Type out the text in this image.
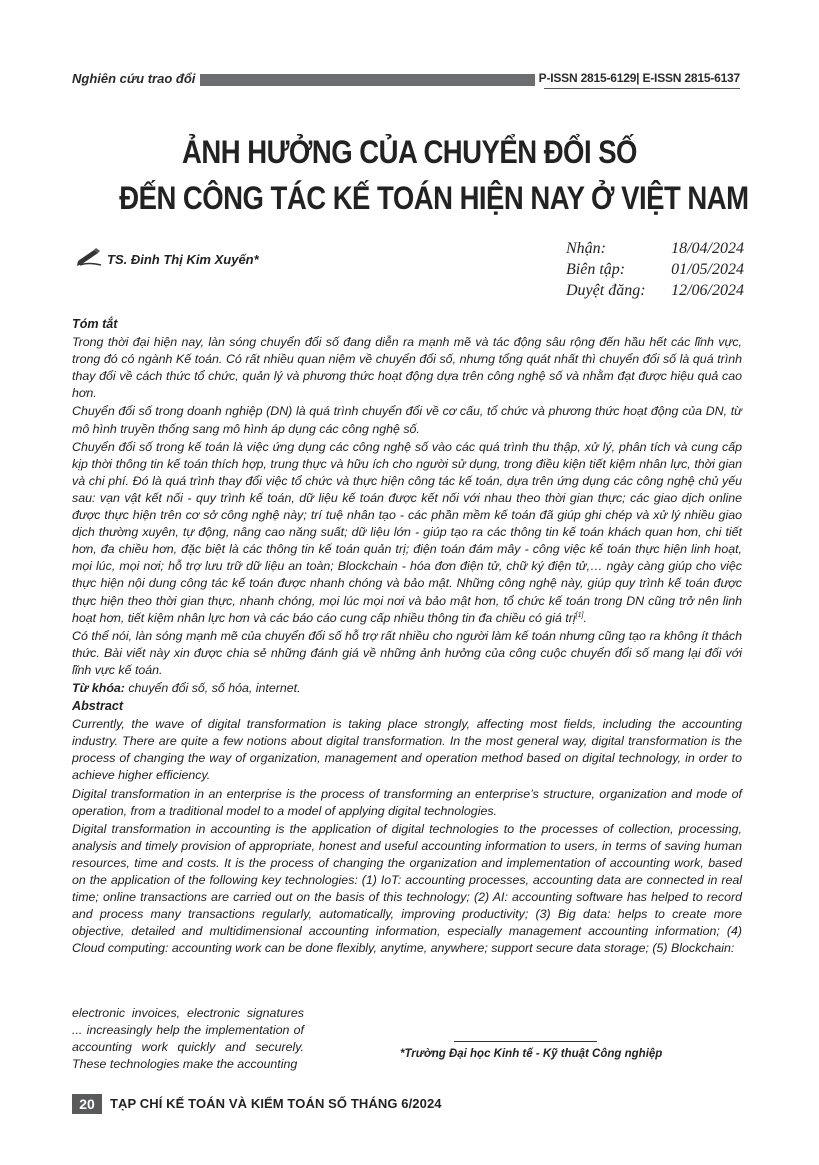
Nghiên cứu trao đổi	P-ISSN 2815-6129| E-ISSN 2815-6137
ẢNH HƯỞNG CỦA CHUYỂN ĐỔI SỐ
ĐẾN CÔNG TÁC KẾ TOÁN HIỆN NAY Ở VIỆT NAM
TS. Đinh Thị Kim Xuyến*
Nhận:	18/04/2024
Biên tập:	01/05/2024
Duyệt đăng: 12/06/2024
Tóm tắt

Trong thời đại hiện nay, làn sóng chuyển đổi số đang diễn ra mạnh mẽ và tác động sâu rộng đến hầu hết các lĩnh vực, trong đó có ngành Kế toán. Có rất nhiều quan niệm về chuyển đổi số, nhưng tổng quát nhất thì chuyển đổi số là quá trình thay đổi về cách thức tổ chức, quản lý và phương thức hoạt động dựa trên công nghệ số và nhằm đạt được hiệu quả cao hơn.

Chuyển đổi số trong doanh nghiệp (DN) là quá trình chuyển đổi về cơ cấu, tổ chức và phương thức hoạt động của DN, từ mô hình truyền thống sang mô hình áp dụng các công nghệ số.

Chuyển đổi số trong kế toán là việc ứng dụng các công nghệ số vào các quá trình thu thập, xử lý, phân tích và cung cấp kịp thời thông tin kế toán thích hợp, trung thực và hữu ích cho người sử dụng, trong điều kiện tiết kiệm nhân lực, thời gian và chi phí. Đó là quá trình thay đổi việc tổ chức và thực hiện công tác kế toán, dựa trên ứng dụng các công nghệ chủ yếu sau: vạn vật kết nối - quy trình kế toán, dữ liệu kế toán được kết nối với nhau theo thời gian thực; các giao dịch online được thực hiện trên cơ sở công nghệ này; trí tuệ nhân tạo - các phần mềm kế toán đã giúp ghi chép và xử lý nhiều giao dịch thường xuyên, tự động, nâng cao năng suất; dữ liệu lớn - giúp tạo ra các thông tin kế toán khách quan hơn, chi tiết hơn, đa chiều hơn, đặc biệt là các thông tin kế toán quản trị; điện toán đám mây - công việc kế toán thực hiện linh hoạt, mọi lúc, mọi nơi; hỗ trợ lưu trữ dữ liệu an toàn; Blockchain - hóa đơn điện tử, chữ ký điện tử,… ngày càng giúp cho việc thực hiện nội dung công tác kế toán được nhanh chóng và bảo mật. Những công nghệ này, giúp quy trình kế toán được thực hiện theo thời gian thực, nhanh chóng, mọi lúc mọi nơi và bảo mật hơn, tổ chức kế toán trong DN cũng trở nên linh hoạt hơn, tiết kiệm nhân lực hơn và các báo cáo cung cấp nhiều thông tin đa chiều có giá trị[1].

Có thể nói, làn sóng mạnh mẽ của chuyển đổi số hỗ trợ rất nhiều cho người làm kế toán nhưng cũng tạo ra không ít thách thức. Bài viết này xin được chia sẻ những đánh giá về những ảnh hưởng của công cuộc chuyển đổi số mang lại đối với lĩnh vực kế toán.

Từ khóa: chuyển đổi số, số hóa, internet.

Abstract

Currently, the wave of digital transformation is taking place strongly, affecting most fields, including the accounting industry. There are quite a few notions about digital transformation. In the most general way, digital transformation is the process of changing the way of organization, management and operation method based on digital technology, in order to achieve higher efficiency.

Digital transformation in an enterprise is the process of transforming an enterprise’s structure, organization and mode of operation, from a traditional model to a model of applying digital technologies.

Digital transformation in accounting is the application of digital technologies to the processes of collection, processing, analysis and timely provision of appropriate, honest and useful accounting information to users, in terms of saving human resources, time and costs. It is the process of changing the organization and implementation of accounting work, based on the application of the following key technologies: (1) IoT: accounting processes, accounting data are connected in real time; online transactions are carried out on the basis of this technology; (2) AI: accounting software has helped to record and process many transactions regularly, automatically, improving productivity; (3) Big data: helps to create more objective, detailed and multidimensional accounting information, especially management accounting information; (4) Cloud computing: accounting work can be done flexibly, anytime, anywhere; support secure data storage; (5) Blockchain:

electronic invoices, electronic signatures ... increasingly help the implementation of accounting work quickly and securely. These technologies make the accounting
*Trường Đại học Kinh tế - Kỹ thuật Công nghiệp
20	TẠP CHÍ KẾ TOÁN VÀ KIỂM TOÁN SỐ THÁNG 6/2024
